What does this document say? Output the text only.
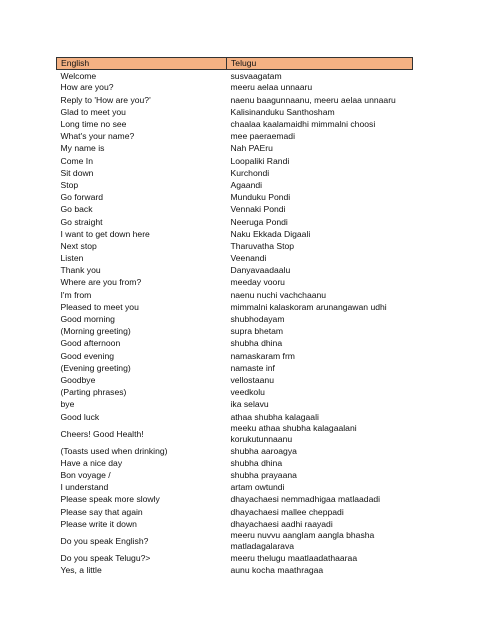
English	Telugu
Welcome	susvaagatam
How are you?	meeru aelaa unnaaru
Reply to 'How are you?'	naenu baagunnaanu, meeru aelaa unnaaru
Glad to meet you	Kalisinanduku Santhosham
Long time no see	chaalaa kaalamaidhi mimmalni choosi
What's your name?	mee paeraemadi
My name is	Nah PAEru
Come In	Loopaliki Randi
Sit down	Kurchondi
Stop	Agaandi
Go forward	Munduku Pondi
Go back	Vennaki Pondi
Go straight	Neeruga Pondi
I want to get down here	Naku Ekkada Digaali
Next stop	Tharuvatha Stop
Listen	Veenandi
Thank you	Danyavaadaalu
Where are you from?	meeday vooru
I'm from	naenu nuchi vachchaanu
Pleased to meet you	mimmalni kalaskoram arunangawan udhi
Good morning	shubhodayam
(Morning greeting)	supra bhetam
Good afternoon	shubha dhina
Good evening	namaskaram frm
(Evening greeting)	namaste inf
Goodbye	vellostaanu
(Parting phrases)	veedkolu
bye	ika selavu
Good luck	athaa shubha kalagaali
Cheers! Good Health!	meeku athaa shubha kalagaalani korukutunnaanu
(Toasts used when drinking)	shubha aaroagya
Have a nice day	shubha dhina
Bon voyage /	shubha prayaana
I understand	artam owtundi
Please speak more slowly	dhayachaesi nemmadhigaa matlaadadi
Please say that again	dhayachaesi mallee cheppadi
Please write it down	dhayachaesi aadhi raayadi
Do you speak English?	meeru nuvvu aanglam aangla bhasha matladagalarava
Do you speak Telugu?>	meeru thelugu maatlaadathaaraa
Yes, a little	aunu kocha maathragaa
